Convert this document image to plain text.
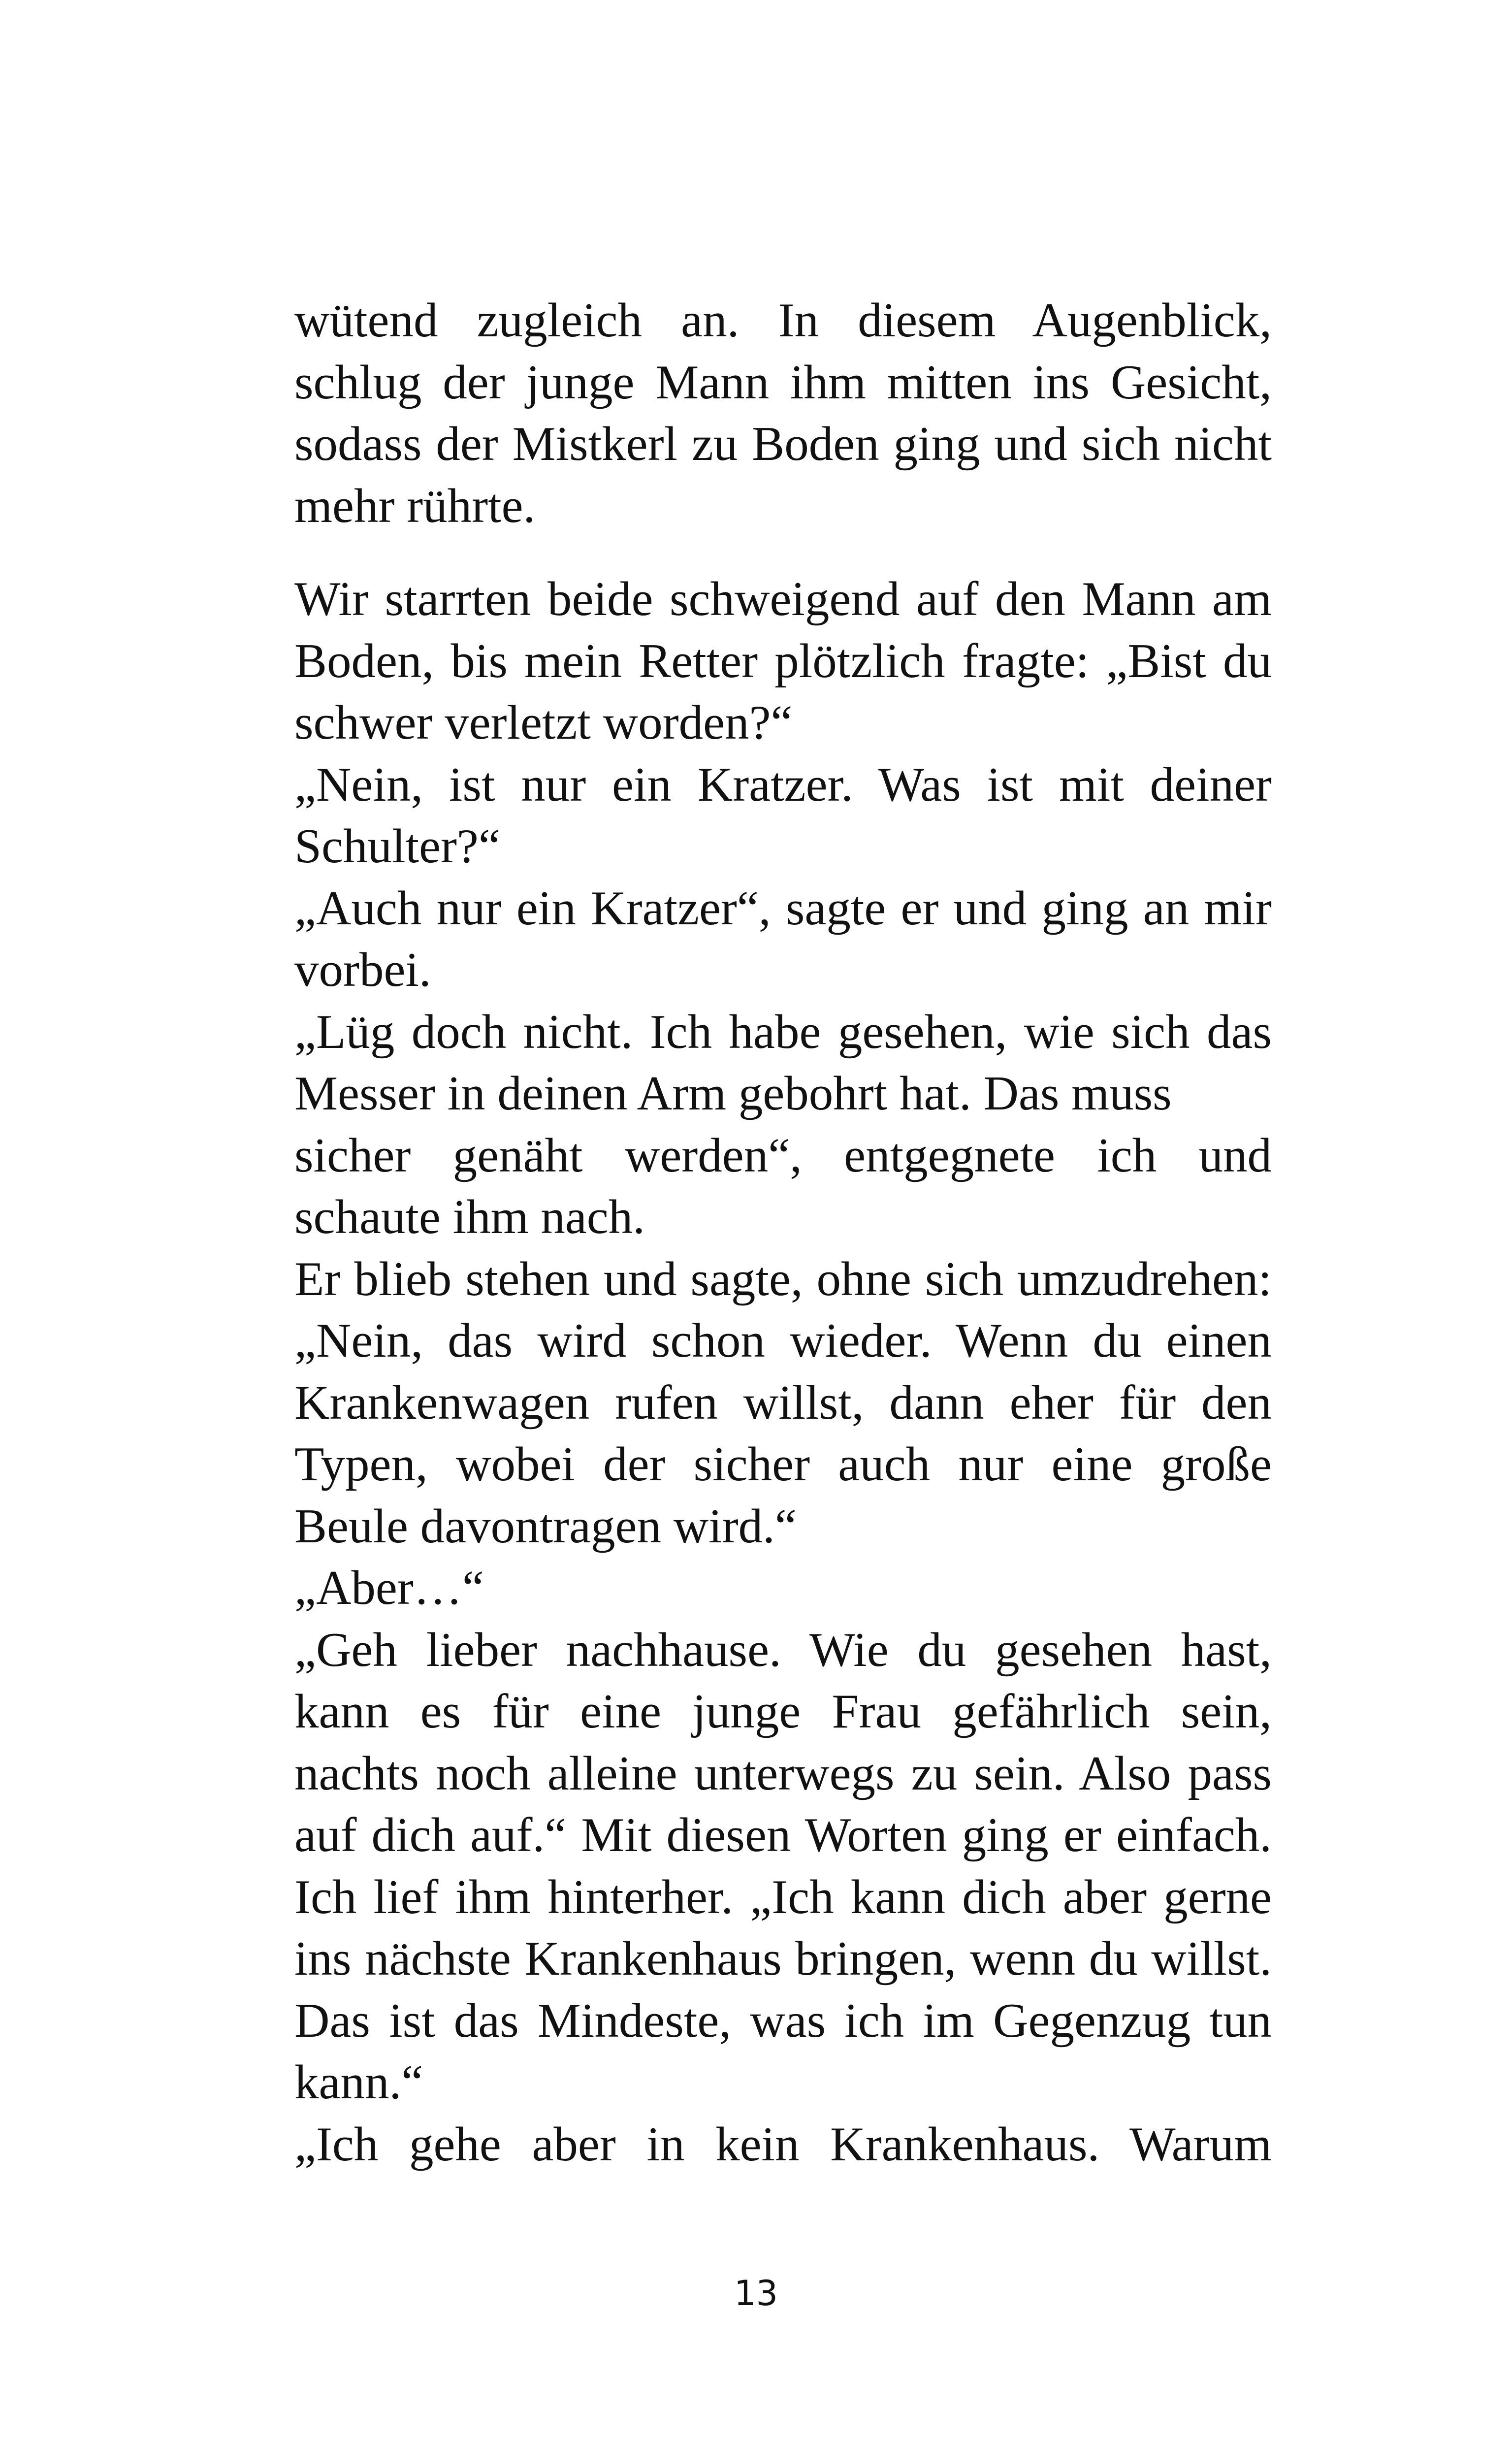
wütend zugleich an. In diesem Augenblick,
schlug der junge Mann ihm mitten ins Gesicht,
sodass der Mistkerl zu Boden ging und sich nicht
mehr rührte.
Wir starrten beide schweigend auf den Mann am
Boden, bis mein Retter plötzlich fragte: „Bist du
schwer verletzt worden?“
„Nein, ist nur ein Kratzer. Was ist mit deiner
Schulter?“
„Auch nur ein Kratzer“, sagte er und ging an mir
vorbei.
„Lüg doch nicht. Ich habe gesehen, wie sich das
Messer in deinen Arm gebohrt hat. Das muss
sicher genäht werden“, entgegnete ich und
schaute ihm nach.
Er blieb stehen und sagte, ohne sich umzudrehen:
„Nein, das wird schon wieder. Wenn du einen
Krankenwagen rufen willst, dann eher für den
Typen, wobei der sicher auch nur eine große
Beule davontragen wird.“
„Aber…“
„Geh lieber nachhause. Wie du gesehen hast,
kann es für eine junge Frau gefährlich sein,
nachts noch alleine unterwegs zu sein. Also pass
auf dich auf.“ Mit diesen Worten ging er einfach.
Ich lief ihm hinterher. „Ich kann dich aber gerne
ins nächste Krankenhaus bringen, wenn du willst.
Das ist das Mindeste, was ich im Gegenzug tun
kann.“
„Ich gehe aber in kein Krankenhaus. Warum
13
